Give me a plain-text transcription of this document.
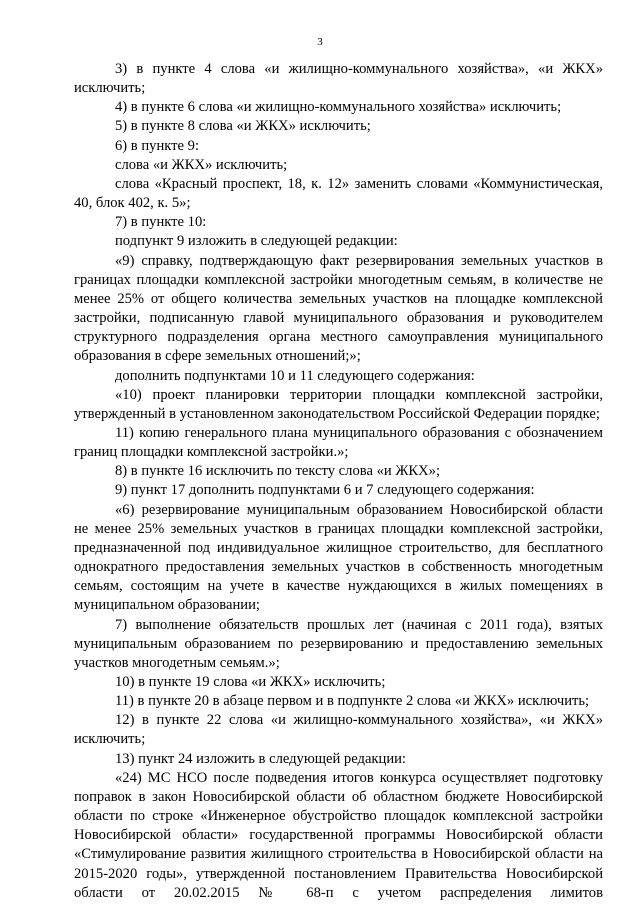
3

3) в пункте 4 слова «и жилищно-коммунального хозяйства», «и ЖКХ» исключить;

4) в пункте 6 слова «и жилищно-коммунального хозяйства» исключить;

5) в пункте 8 слова «и ЖКХ» исключить;

6) в пункте 9:

слова «и ЖКХ» исключить;

слова «Красный проспект, 18, к. 12» заменить словами «Коммунистическая, 40, блок 402, к. 5»;

7) в пункте 10:

подпункт 9 изложить в следующей редакции:

«9) справку, подтверждающую факт резервирования земельных участков в границах площадки комплексной застройки многодетным семьям, в количестве не менее 25% от общего количества земельных участков на площадке комплексной застройки, подписанную главой муниципального образования и руководителем структурного подразделения органа местного самоуправления муниципального образования в сфере земельных отношений;»;

дополнить подпунктами 10 и 11 следующего содержания:

«10) проект планировки территории площадки комплексной застройки, утвержденный в установленном законодательством Российской Федерации порядке;

11) копию генерального плана муниципального образования с обозначением границ площадки комплексной застройки.»;

8) в пункте 16 исключить по тексту слова «и ЖКХ»;

9) пункт 17 дополнить подпунктами 6 и 7 следующего содержания:

«6) резервирование муниципальным образованием Новосибирской области не менее 25% земельных участков в границах площадки комплексной застройки, предназначенной под индивидуальное жилищное строительство, для бесплатного однократного предоставления земельных участков в собственность многодетным семьям, состоящим на учете в качестве нуждающихся в жилых помещениях в муниципальном образовании;

7) выполнение обязательств прошлых лет (начиная с 2011 года), взятых муниципальным образованием по резервированию и предоставлению земельных участков многодетным семьям.»;

10) в пункте 19 слова «и ЖКХ» исключить;

11) в пункте 20 в абзаце первом и в подпункте 2 слова «и ЖКХ» исключить;

12) в пункте 22 слова «и жилищно-коммунального хозяйства», «и ЖКХ» исключить;

13) пункт 24 изложить в следующей редакции:

«24) МС НСО после подведения итогов конкурса осуществляет подготовку поправок в закон Новосибирской области об областном бюджете Новосибирской области по строке «Инженерное обустройство площадок комплексной застройки Новосибирской области» государственной программы Новосибирской области «Стимулирование развития жилищного строительства в Новосибирской области на 2015-2020 годы», утвержденной постановлением Правительства Новосибирской области от 20.02.2015 № 68-п с учетом распределения лимитов
